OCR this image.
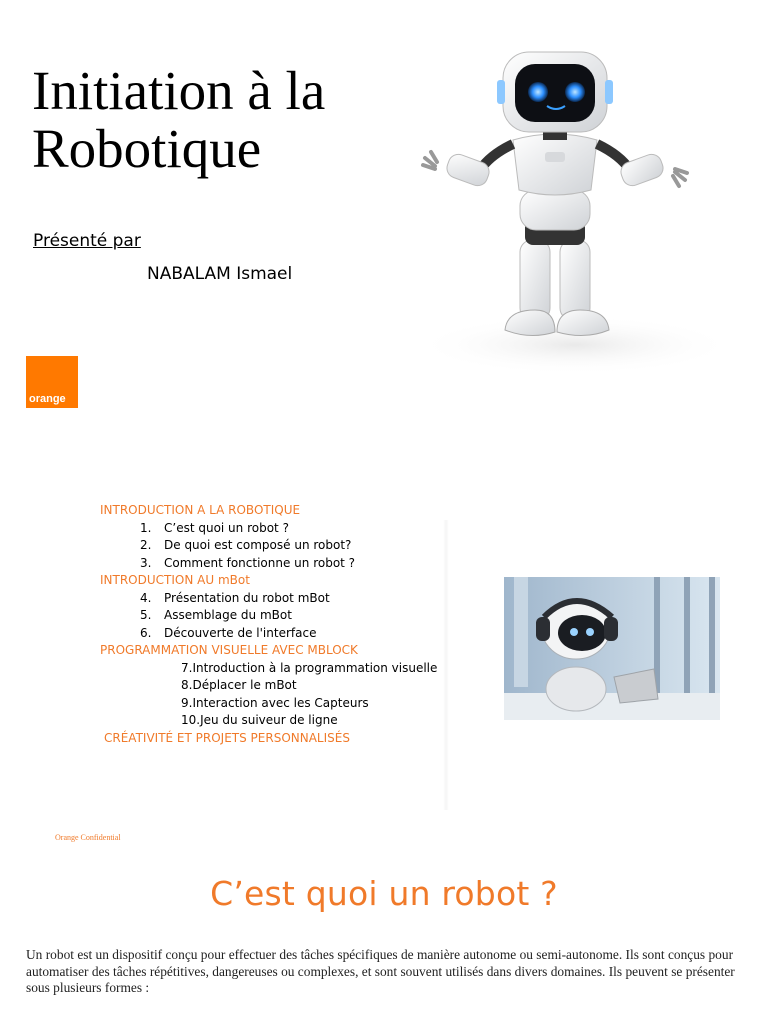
Initiation à la
Robotique
Présenté par
NABALAM Ismael
orange
INTRODUCTION A LA ROBOTIQUE
1. C’est quoi un robot ?
2. De quoi est composé un robot?
3. Comment fonctionne un robot ?
INTRODUCTION AU mBot
4. Présentation du robot mBot
5. Assemblage du mBot
6. Découverte de l'interface
PROGRAMMATION VISUELLE AVEC MBLOCK
7.Introduction à la programmation visuelle
8.Déplacer le mBot
9.Interaction avec les Capteurs
10.Jeu du suiveur de ligne
CRÉATIVITÉ ET PROJETS PERSONNALISÉS
Orange Confidential
C’est quoi un robot ?
Un robot est un dispositif conçu pour effectuer des tâches spécifiques de manière autonome ou semi-autonome. Ils sont conçus pour automatiser des tâches répétitives, dangereuses ou complexes, et sont souvent utilisés dans divers domaines. Ils peuvent se présenter sous plusieurs formes :
